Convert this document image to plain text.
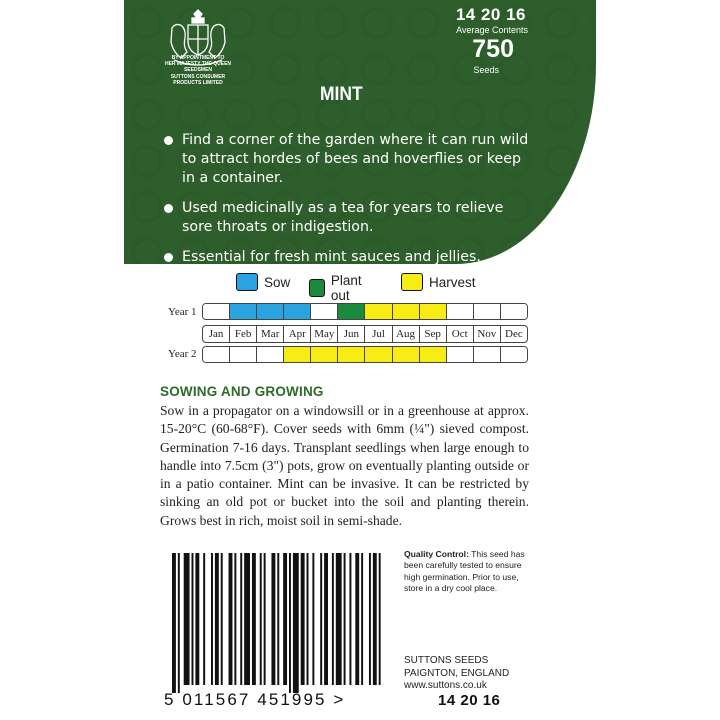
BY APPOINTMENT TO
HER MAJESTY THE QUEEN
SEEDSMEN
SUTTONS CONSUMER
PRODUCTS LIMITED
14 20 16
Average Contents
750
Seeds
MINT
Find a corner of the garden where it can run wild to attract hordes of bees and hoverflies or keep in a container.
Used medicinally as a tea for years to relieve sore throats or indigestion.
Essential for fresh mint sauces and jellies.
Sow	Plant out
Harvest
Year 1
Jan	Feb Mar Apr May Jun	Jul	Aug Sep Oct Nov Dec
Year 2
SOWING AND GROWING

Sow in a propagator on a windowsill or in a greenhouse at approx. 15-20°C (60-68°F). Cover seeds with 6mm (¼") sieved compost. Germination 7-16 days. Transplant seedlings when large enough to handle into 7.5cm (3") pots, grow on eventually planting outside or in a patio container. Mint can be invasive. It can be restricted by sinking an old pot or bucket into the soil and planting therein. Grows best in rich, moist soil in semi-shade.

5 011567 451995 >
Quality Control: This seed has been carefully tested to ensure high germination. Prior to use, store in a dry cool place.
SUTTONS SEEDS
PAIGNTON, ENGLAND
www.suttons.co.uk
14 20 16
